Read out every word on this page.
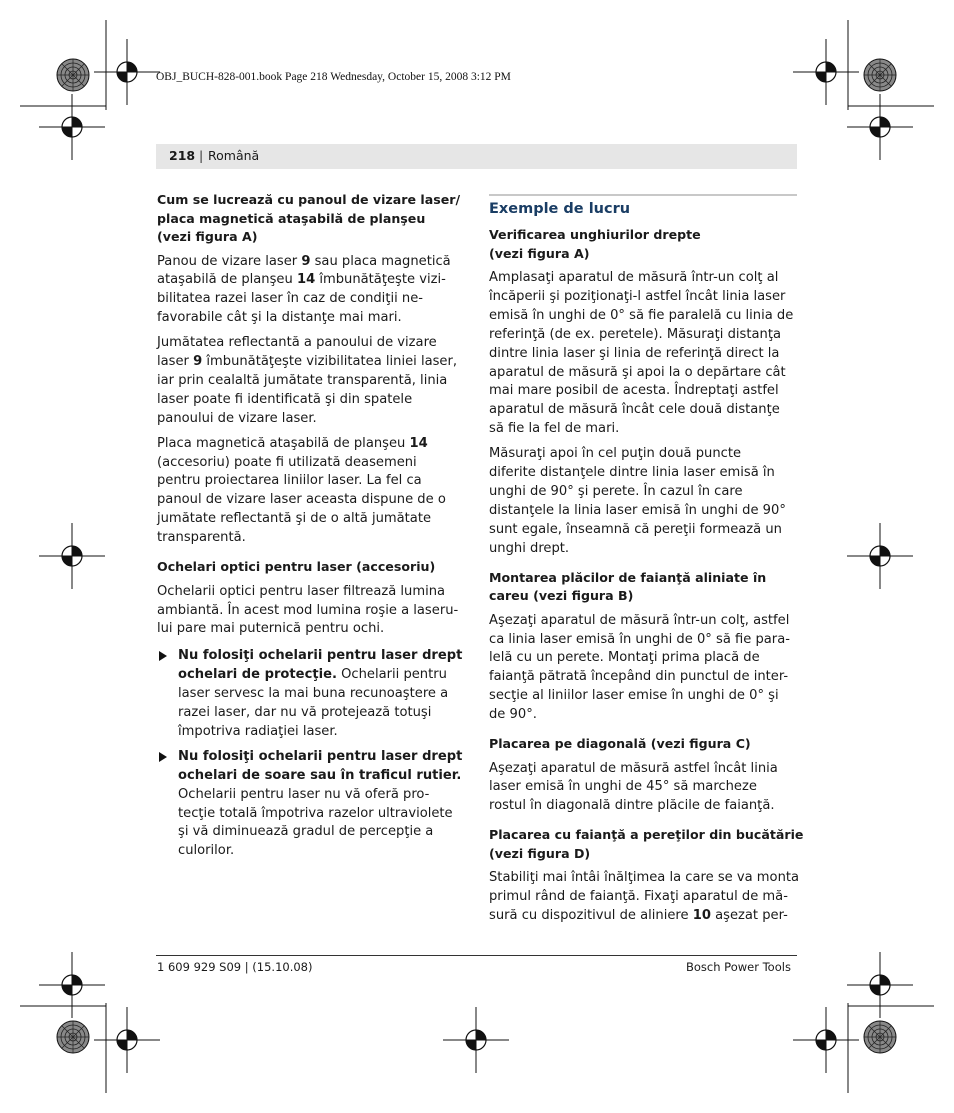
OBJ_BUCH-828-001.book Page 218 Wednesday, October 15, 2008 3:12 PM
218 | Română
Cum se lucrează cu panoul de vizare laser/
placa magnetică ataşabilă de planşeu
(vezi figura A)

Panou de vizare laser 9 sau placa magnetică
ataşabilă de planşeu 14 îmbunătăţeşte vizi-
bilitatea razei laser în caz de condiţii ne-
favorabile cât şi la distanţe mai mari.

Jumătatea reflectantă a panoului de vizare
laser 9 îmbunătăţeşte vizibilitatea liniei laser,
iar prin cealaltă jumătate transparentă, linia
laser poate fi identificată şi din spatele
panoului de vizare laser.

Placa magnetică ataşabilă de planşeu 14
(accesoriu) poate fi utilizată deasemeni
pentru proiectarea liniilor laser. La fel ca
panoul de vizare laser aceasta dispune de o
jumătate reflectantă şi de o altă jumătate
transparentă.

Ochelari optici pentru laser (accesoriu)

Ochelarii optici pentru laser filtrează lumina
ambiantă. În acest mod lumina roşie a laseru-
lui pare mai puternică pentru ochi.

Nu folosiţi ochelarii pentru laser drept
ochelari de protecţie. Ochelarii pentru
laser servesc la mai buna recunoaştere a
razei laser, dar nu vă protejează totuşi
împotriva radiaţiei laser.
Nu folosiţi ochelarii pentru laser drept
ochelari de soare sau în traficul rutier.
Ochelarii pentru laser nu vă oferă pro-
tecţie totală împotriva razelor ultraviolete
şi vă diminuează gradul de percepţie a
culorilor.
Exemple de lucru
Verificarea unghiurilor drepte
(vezi figura A)

Amplasaţi aparatul de măsură într-un colţ al
încăperii şi poziţionaţi-l astfel încât linia laser
emisă în unghi de 0° să fie paralelă cu linia de
referinţă (de ex. peretele). Măsuraţi distanţa
dintre linia laser şi linia de referinţă direct la
aparatul de măsură şi apoi la o depărtare cât
mai mare posibil de acesta. Îndreptaţi astfel
aparatul de măsură încât cele două distanţe
să fie la fel de mari.

Măsuraţi apoi în cel puţin două puncte
diferite distanţele dintre linia laser emisă în
unghi de 90° şi perete. În cazul în care
distanţele la linia laser emisă în unghi de 90°
sunt egale, înseamnă că pereţii formează un
unghi drept.

Montarea plăcilor de faianţă aliniate în
careu (vezi figura B)

Aşezaţi aparatul de măsură într-un colţ, astfel
ca linia laser emisă în unghi de 0° să fie para-
lelă cu un perete. Montaţi prima placă de
faianţă pătrată începând din punctul de inter-
secţie al liniilor laser emise în unghi de 0° şi
de 90°.

Placarea pe diagonală (vezi figura C)

Aşezaţi aparatul de măsură astfel încât linia
laser emisă în unghi de 45° să marcheze
rostul în diagonală dintre plăcile de faianţă.

Placarea cu faianţă a pereţilor din bucătărie
(vezi figura D)

Stabiliţi mai întâi înălţimea la care se va monta
primul rând de faianţă. Fixaţi aparatul de mă-
sură cu dispozitivul de aliniere 10 aşezat per-

1 609 929 S09 | (15.10.08)	Bosch Power Tools
